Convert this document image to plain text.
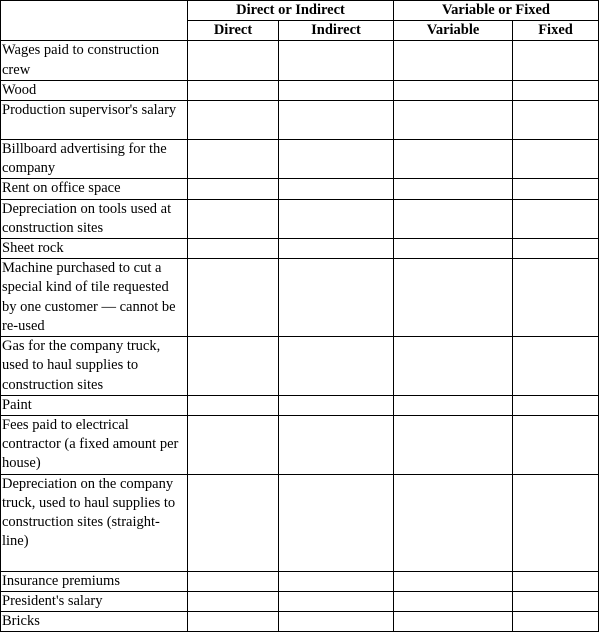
	Direct or Indirect		Variable or Fixed	
	Direct	Indirect	Variable	Fixed
Wages paid to construction crew				
Wood				
Production supervisor's salary				
Billboard advertising for the company				
Rent on office space				
Depreciation on tools used at construction sites				
Sheet rock				
Machine purchased to cut a special kind of tile requested by one customer — cannot be re-used				
Gas for the company truck, used to haul supplies to construction sites				
Paint				
Fees paid to electrical contractor (a fixed amount per house)				
Depreciation on the company truck, used to haul supplies to construction sites (straight-line)				
Insurance premiums				
President's salary				
Bricks				
